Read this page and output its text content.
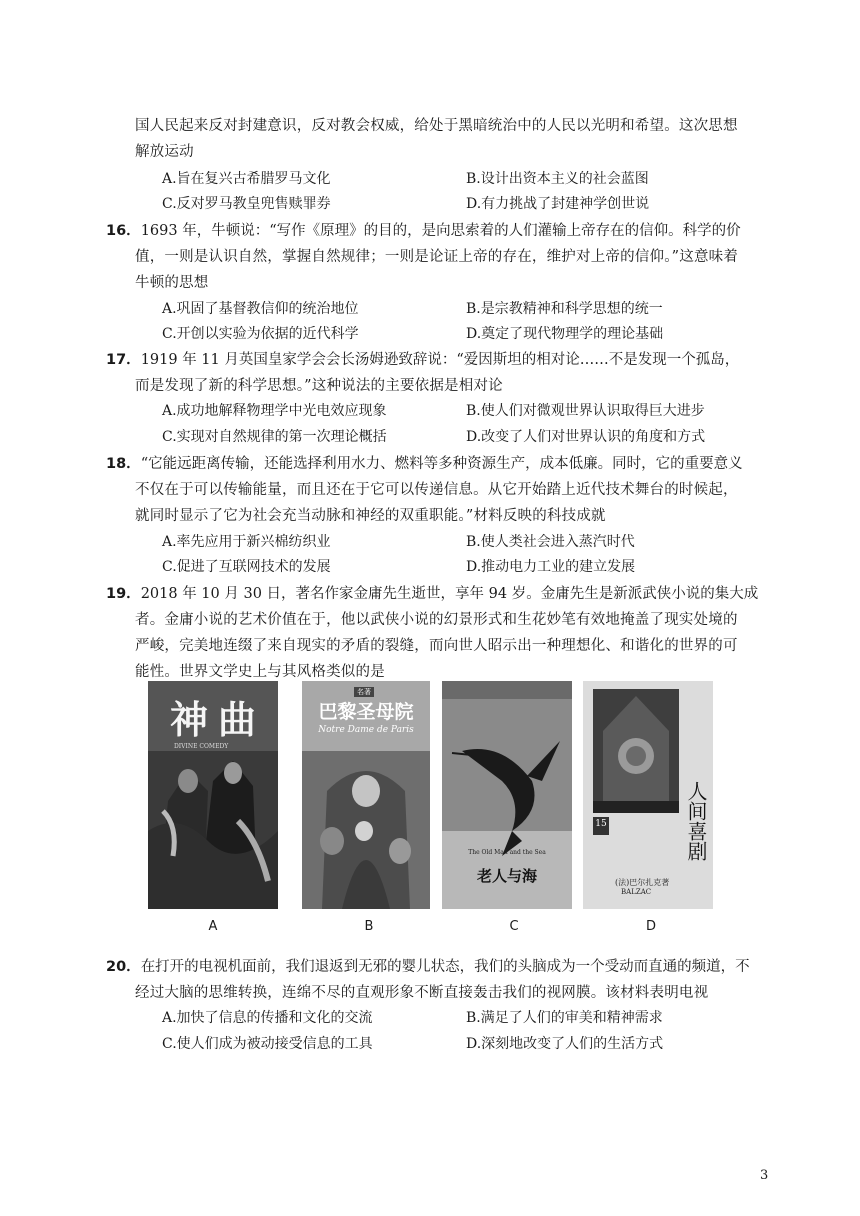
国人民起来反对封建意识，反对教会权威，给处于黑暗统治中的人民以光明和希望。这次思想
解放运动
A.旨在复兴古希腊罗马文化	B.设计出资本主义的社会蓝图
C.反对罗马教皇兜售赎罪券	D.有力挑战了封建神学创世说
16．1693 年，牛顿说：“写作《原理》的目的，是向思索着的人们灌输上帝存在的信仰。科学的价
值，一则是认识自然，掌握自然规律；一则是论证上帝的存在，维护对上帝的信仰。”这意味着
牛顿的思想
A.巩固了基督教信仰的统治地位	B.是宗教精神和科学思想的统一
C.开创以实验为依据的近代科学	D.奠定了现代物理学的理论基础
17．1919 年 11 月英国皇家学会会长汤姆逊致辞说：“爱因斯坦的相对论……不是发现一个孤岛，
而是发现了新的科学思想。”这种说法的主要依据是相对论
A.成功地解释物理学中光电效应现象	B.使人们对微观世界认识取得巨大进步
C.实现对自然规律的第一次理论概括	D.改变了人们对世界认识的角度和方式
18．“它能远距离传输，还能选择利用水力、燃料等多种资源生产，成本低廉。同时，它的重要意义
不仅在于可以传输能量，而且还在于它可以传递信息。从它开始踏上近代技术舞台的时候起，
就同时显示了它为社会充当动脉和神经的双重职能。”材料反映的科技成就
A.率先应用于新兴棉纺织业	B.使人类社会进入蒸汽时代
C.促进了互联网技术的发展	D.推动电力工业的建立发展
19．2018 年 10 月 30 日，著名作家金庸先生逝世，享年 94 岁。金庸先生是新派武侠小说的集大成
者。金庸小说的艺术价值在于，他以武侠小说的幻景形式和生花妙笔有效地掩盖了现实处境的
严峻，完美地连缀了来自现实的矛盾的裂缝，而向世人昭示出一种理想化、和谐化的世界的可
能性。世界文学史上与其风格类似的是
神曲
DIVINE COMEDY
名著
巴黎圣母院
Notre Dame de Paris
The Old Man and the Sea
老人与海
15	人间喜剧
(法)巴尔扎克著
BALZAC
A	B	C	D
20．在打开的电视机面前，我们退返到无邪的婴儿状态，我们的头脑成为一个受动而直通的频道，不
经过大脑的思维转换，连绵不尽的直观形象不断直接轰击我们的视网膜。该材料表明电视
A.加快了信息的传播和文化的交流	B.满足了人们的审美和精神需求
C.使人们成为被动接受信息的工具	D.深刻地改变了人们的生活方式
3
